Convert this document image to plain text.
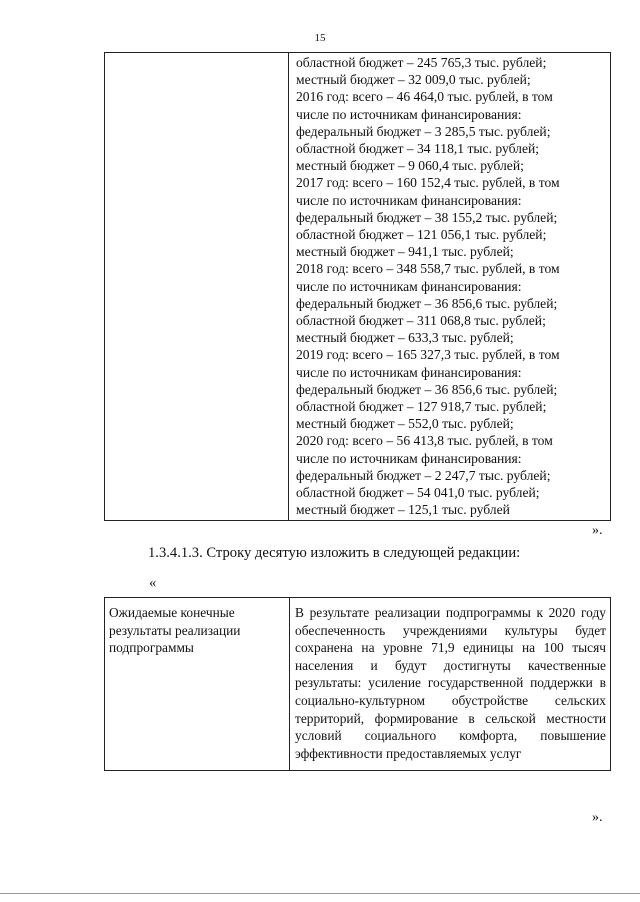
15

областной бюджет – 245 765,3 тыс. рублей;
местный бюджет – 32 009,0 тыс. рублей;
2016 год: всего – 46 464,0 тыс. рублей, в том
числе по источникам финансирования:
федеральный бюджет – 3 285,5 тыс. рублей;
областной бюджет – 34 118,1 тыс. рублей;
местный бюджет – 9 060,4 тыс. рублей;
2017 год: всего – 160 152,4 тыс. рублей, в том
числе по источникам финансирования:
федеральный бюджет – 38 155,2 тыс. рублей;
областной бюджет – 121 056,1 тыс. рублей;
местный бюджет – 941,1 тыс. рублей;
2018 год: всего – 348 558,7 тыс. рублей, в том
числе по источникам финансирования:
федеральный бюджет – 36 856,6 тыс. рублей;
областной бюджет – 311 068,8 тыс. рублей;
местный бюджет – 633,3 тыс. рублей;
2019 год: всего – 165 327,3 тыс. рублей, в том
числе по источникам финансирования:
федеральный бюджет – 36 856,6 тыс. рублей;
областной бюджет – 127 918,7 тыс. рублей;
местный бюджет – 552,0 тыс. рублей;
2020 год: всего – 56 413,8 тыс. рублей, в том
числе по источникам финансирования:
федеральный бюджет – 2 247,7 тыс. рублей;
областной бюджет – 54 041,0 тыс. рублей;
местный бюджет – 125,1 тыс. рублей
».
1.3.4.1.3. Строку десятую изложить в следующей редакции:
«
Ожидаемые конечные результаты реализации подпрограммы	В результате реализации подпрограммы к 2020 году обеспеченность учреждениями культуры будет сохранена на уровне 71,9 единицы на 100 тысяч населения и будут достигнуты качественные результаты: усиление государственной поддержки в социально-культурном обустройстве сельских территорий, формирование в сельской местности условий социального комфорта, повышение эффективности предоставляемых услуг
».
